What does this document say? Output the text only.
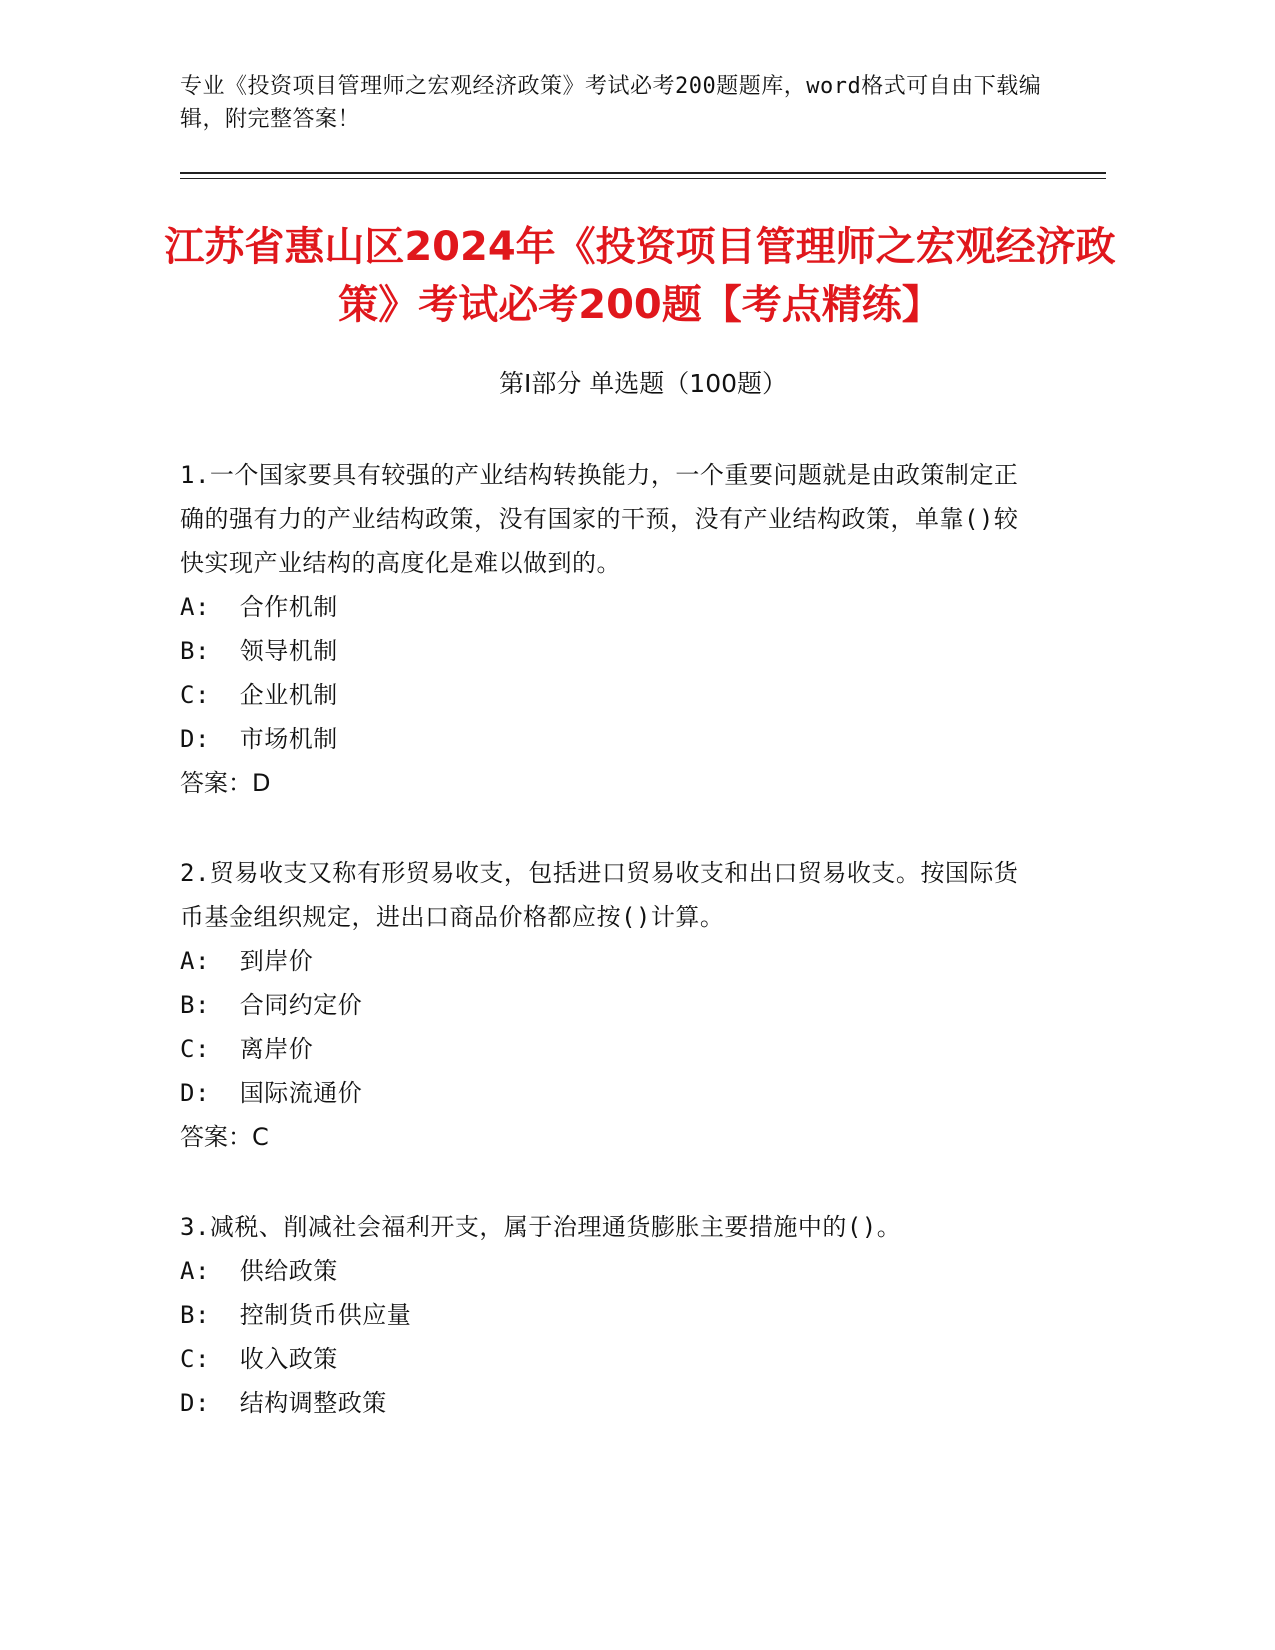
专业《投资项目管理师之宏观经济政策》考试必考200题题库，word格式可自由下载编辑，附完整答案！
江苏省惠山区2024年《投资项目管理师之宏观经济政策》考试必考200题【考点精练】
第Ⅰ部分 单选题（100题）
1.一个国家要具有较强的产业结构转换能力，一个重要问题就是由政策制定正确的强有力的产业结构政策，没有国家的干预，没有产业结构政策，单靠()较快实现产业结构的高度化是难以做到的。
A:  合作机制
B:  领导机制
C:  企业机制
D:  市场机制
答案：D
2.贸易收支又称有形贸易收支，包括进口贸易收支和出口贸易收支。按国际货币基金组织规定，进出口商品价格都应按()计算。
A:  到岸价
B:  合同约定价
C:  离岸价
D:  国际流通价
答案：C
3.减税、削减社会福利开支，属于治理通货膨胀主要措施中的()。
A:  供给政策
B:  控制货币供应量
C:  收入政策
D:  结构调整政策
